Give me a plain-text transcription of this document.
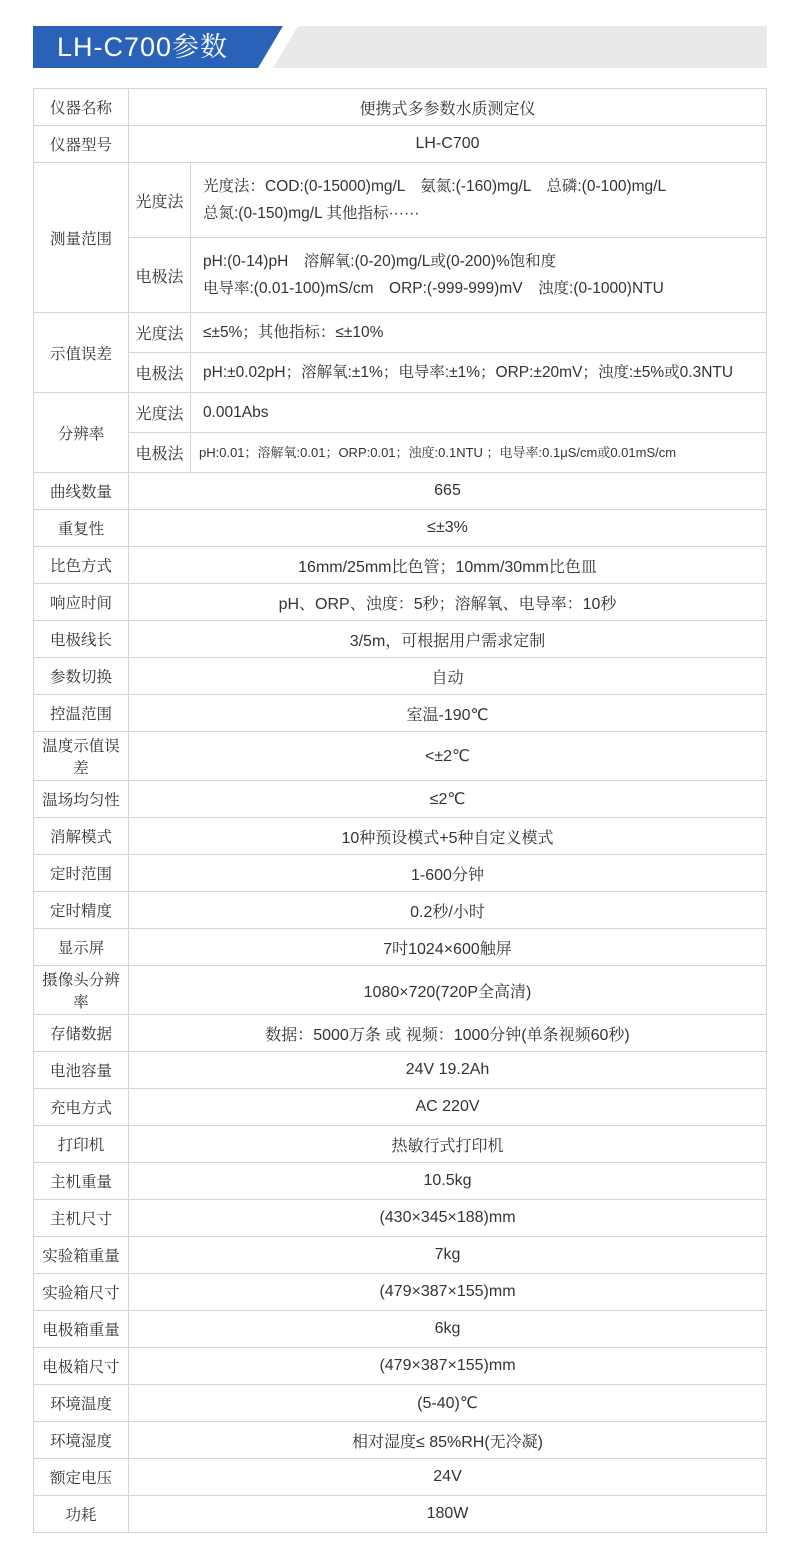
LH-C700参数
仪器名称	便携式多参数水质测定仪	
仪器型号	LH-C700	
测量范围	光度法	光度法：COD:(0-15000)mg/L　氨氮:(-160)mg/L　总磷:(0-100)mg/L
总氮:(0-150)mg/L 其他指标······

	电极法	pH:(0-14)pH　溶解氧:(0-20)mg/L或(0-200)%饱和度
电导率:(0.01-100)mS/cm　ORP:(-999-999)mV　浊度:(0-1000)NTU

示值误差	光度法	≤±5%；其他指标：≤±10%
	电极法	pH:±0.02pH；溶解氧:±1%；电导率:±1%；ORP:±20mV；浊度:±5%或0.3NTU
分辨率	光度法	0.001Abs
	电极法	pH:0.01；溶解氧:0.01；ORP:0.01；浊度:0.1NTU ；电导率:0.1μS/cm或0.01mS/cm
曲线数量	665	
重复性	≤±3%	
比色方式	16mm/25mm比色管；10mm/30mm比色皿	
响应时间	pH、ORP、浊度：5秒；溶解氧、电导率：10秒	
电极线长	3/5m，可根据用户需求定制	
参数切换	自动	
控温范围	室温-190℃	
温度示值误差	<±2℃	
温场均匀性	≤2℃	
消解模式	10种预设模式+5种自定义模式	
定时范围	1-600分钟	
定时精度	0.2秒/小时	
显示屏	7吋1024×600触屏	
摄像头分辨率	1080×720(720P全高清)	
存储数据	数据：5000万条 或 视频：1000分钟(单条视频60秒)	
电池容量	24V 19.2Ah	
充电方式	AC 220V	
打印机	热敏行式打印机	
主机重量	10.5kg	
主机尺寸	(430×345×188)mm	
实验箱重量	7kg	
实验箱尺寸	(479×387×155)mm	
电极箱重量	6kg	
电极箱尺寸	(479×387×155)mm	
环境温度	(5-40)℃	
环境湿度	相对湿度≤ 85%RH(无冷凝)	
额定电压	24V	
功耗	180W	
